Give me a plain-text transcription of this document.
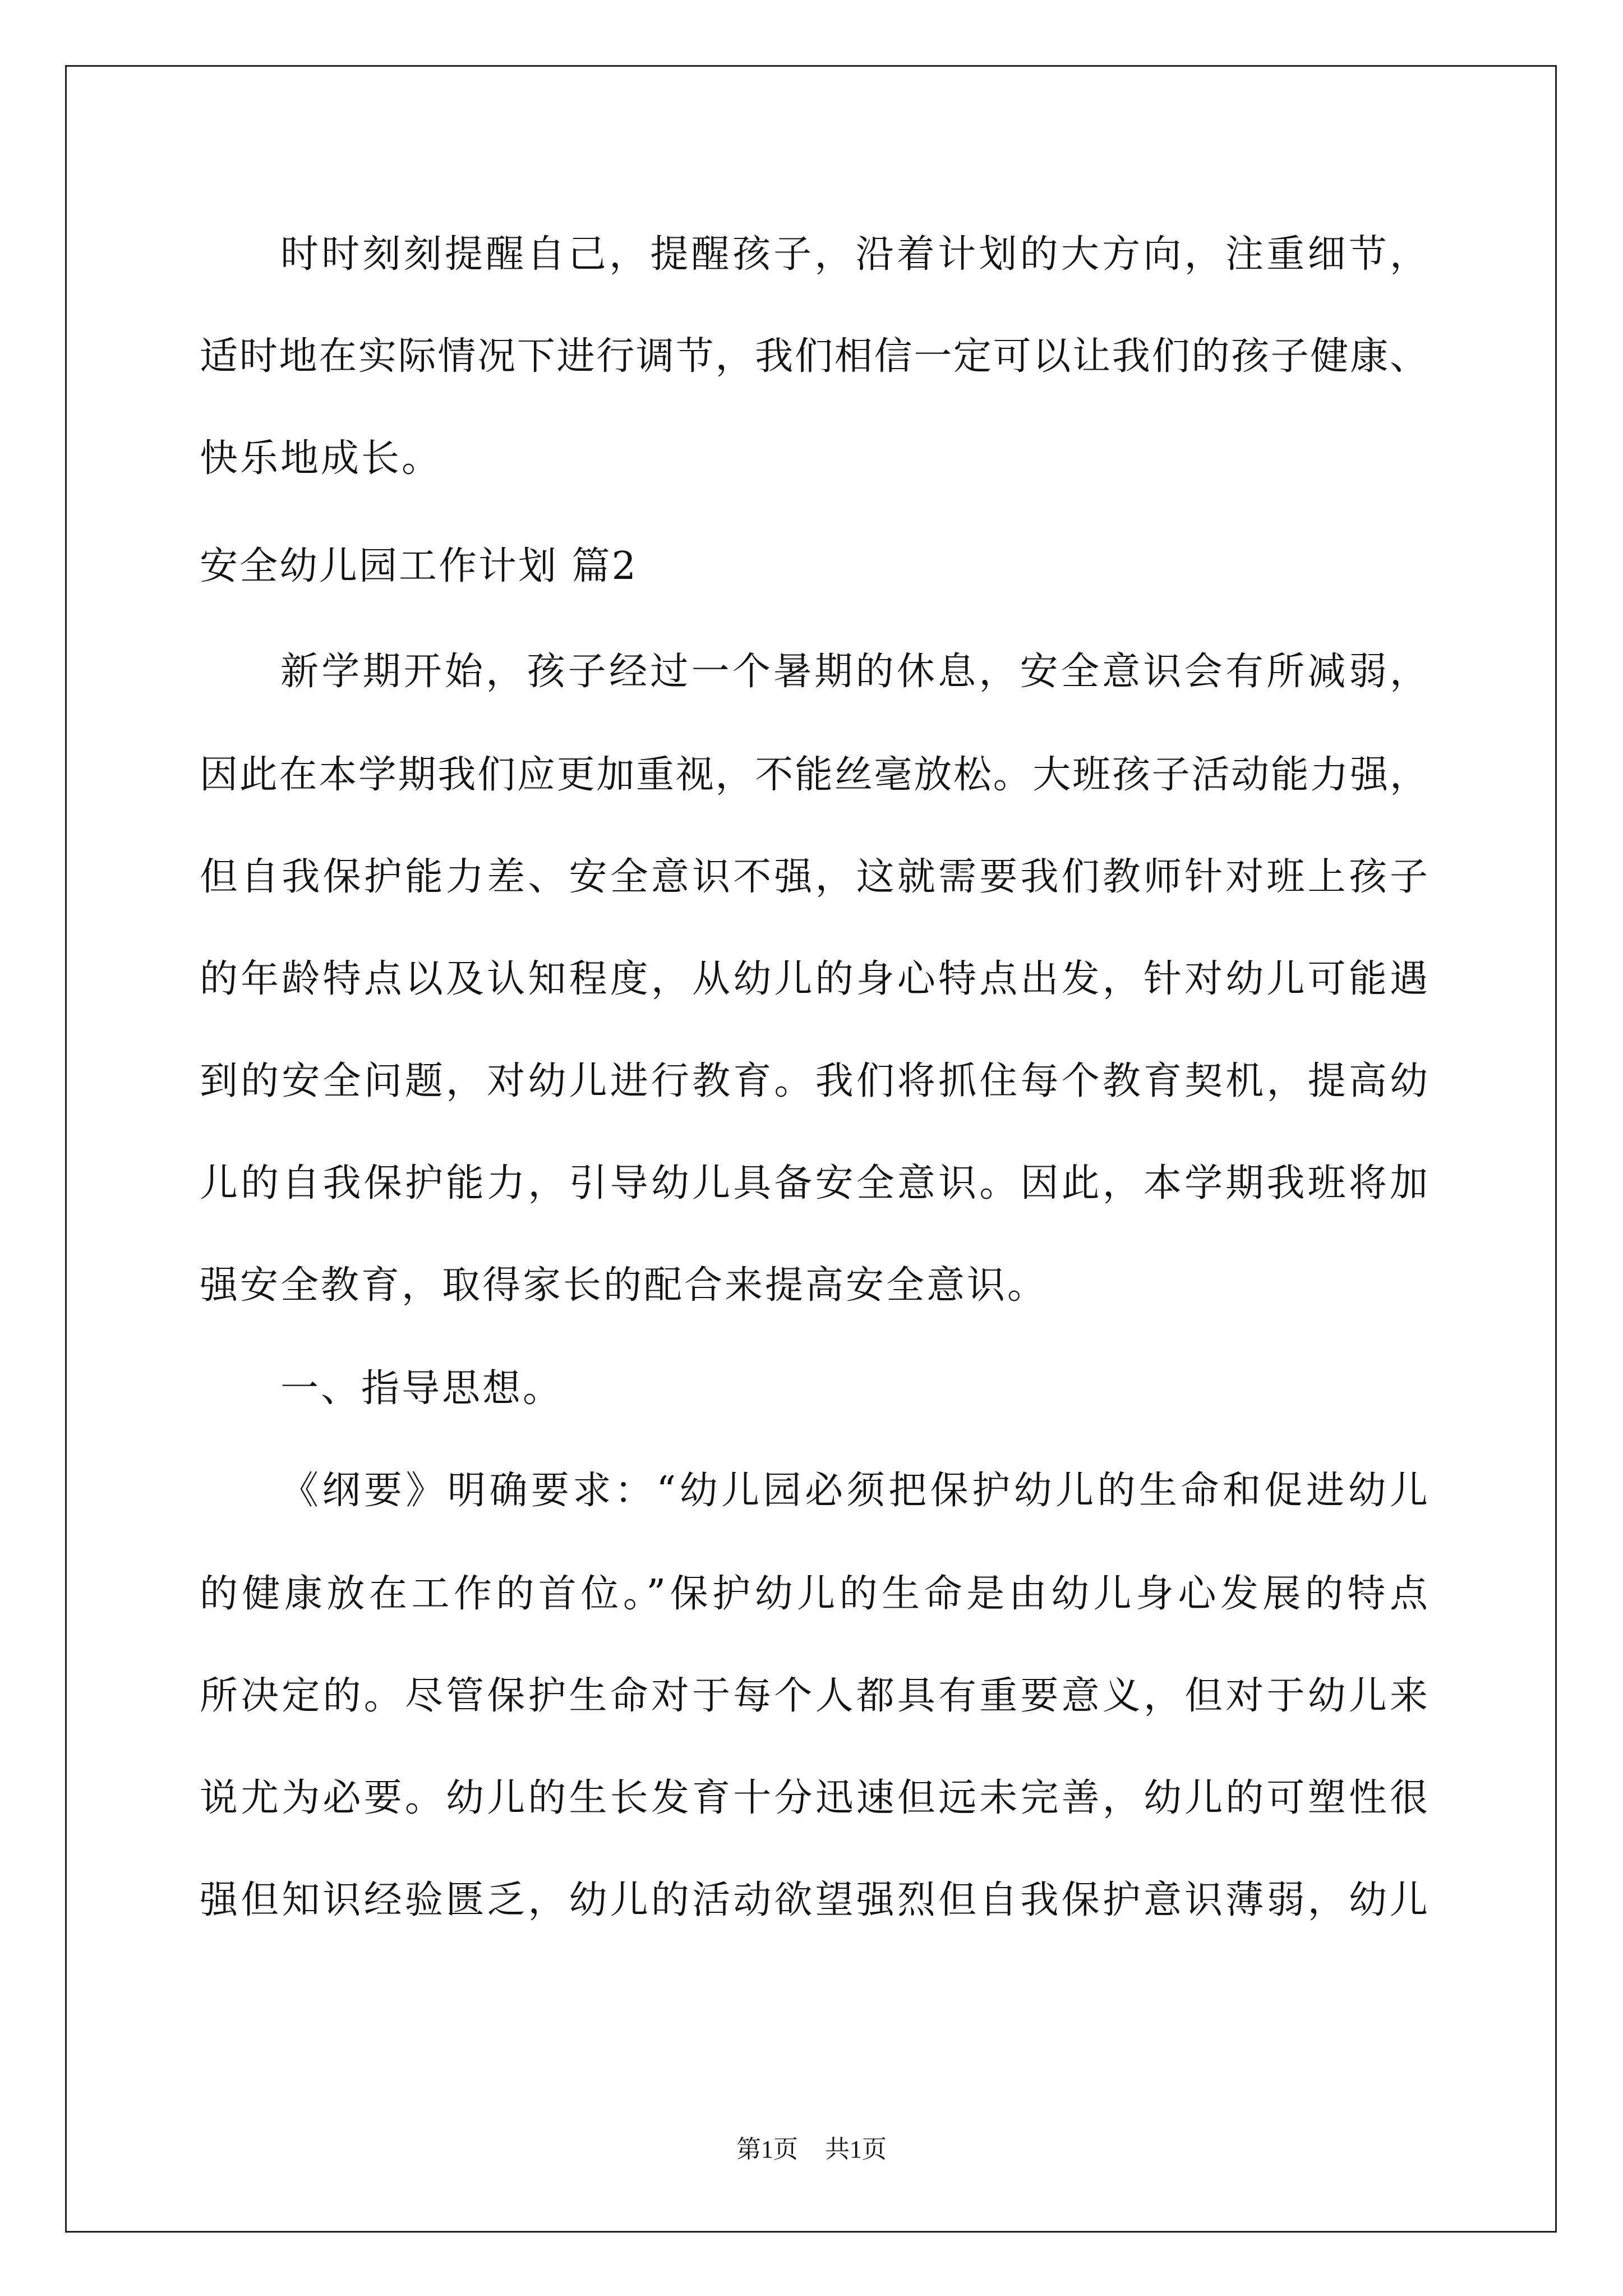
时时刻刻提醒自己，提醒孩子，沿着计划的大方向，注重细节，
适时地在实际情况下进行调节，我们相信一定可以让我们的孩子健康、
快乐地成长。
安全幼儿园工作计划 篇2
新学期开始，孩子经过一个暑期的休息，安全意识会有所减弱，
因此在本学期我们应更加重视，不能丝毫放松。大班孩子活动能力强，
但自我保护能力差、安全意识不强，这就需要我们教师针对班上孩子
的年龄特点以及认知程度，从幼儿的身心特点出发，针对幼儿可能遇
到的安全问题，对幼儿进行教育。我们将抓住每个教育契机，提高幼
儿的自我保护能力，引导幼儿具备安全意识。因此，本学期我班将加
强安全教育，取得家长的配合来提高安全意识。
一、指导思想。
《纲要》明确要求：“幼儿园必须把保护幼儿的生命和促进幼儿
的健康放在工作的首位。”保护幼儿的生命是由幼儿身心发展的特点
所决定的。尽管保护生命对于每个人都具有重要意义，但对于幼儿来
说尤为必要。幼儿的生长发育十分迅速但远未完善，幼儿的可塑性很
强但知识经验匮乏，幼儿的活动欲望强烈但自我保护意识薄弱，幼儿
第1页 共1页
